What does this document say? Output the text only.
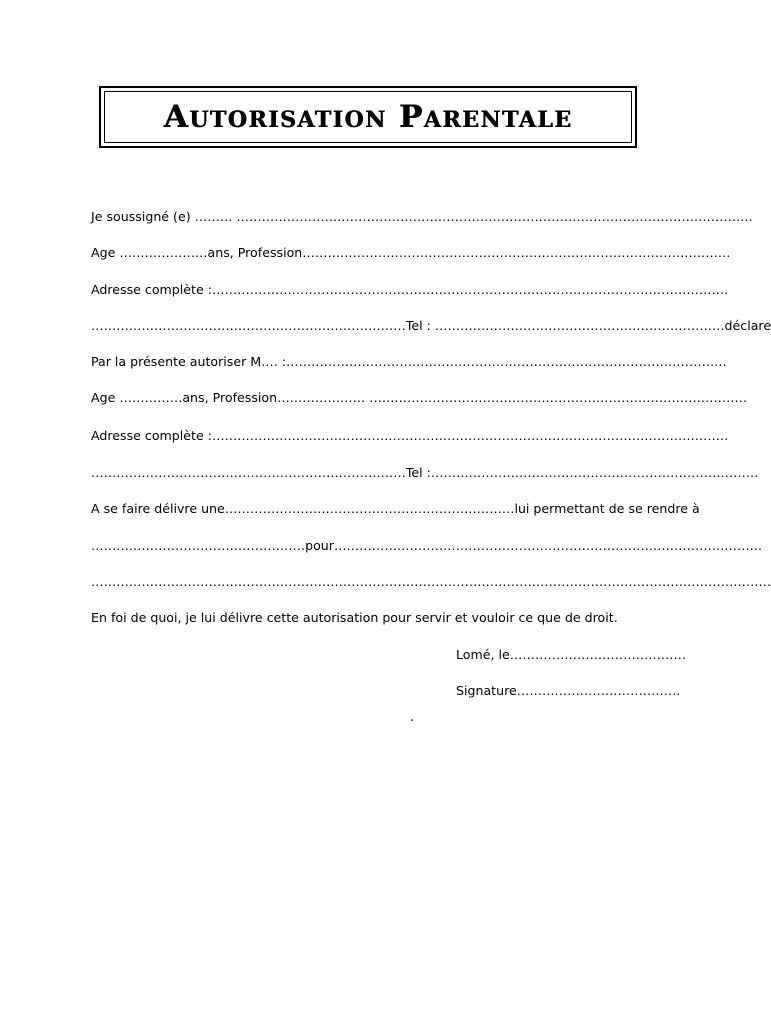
Autorisation Parentale
Je soussigné (e) ……… ……………………………………………………………………………………………………………
Age …………………ans, Profession…………………………………………………………………………………………
Adresse complète :……………………………………………………………………………………………………………
…………………………………………………………………Tel : ……………………………………………………………déclare
Par la présente autoriser M…. :……………………………………………………………………………………………
Age ……………ans, Profession………………… ………………………………………………………………………………
Adresse complète :……………………………………………………………………………………………………………
…………………………………………………………………Tel :……………………………………………………………………
A se faire délivre une……………………………………………………………lui permettant de se rendre à
……………………………………………pour…………………………………………………………………………………………
………………………………………………………………………………………………………………………………………………
En foi de quoi, je lui délivre cette autorisation pour servir et vouloir ce que de droit.
Lomé, le……………………………………
Signature…………………………………
.
